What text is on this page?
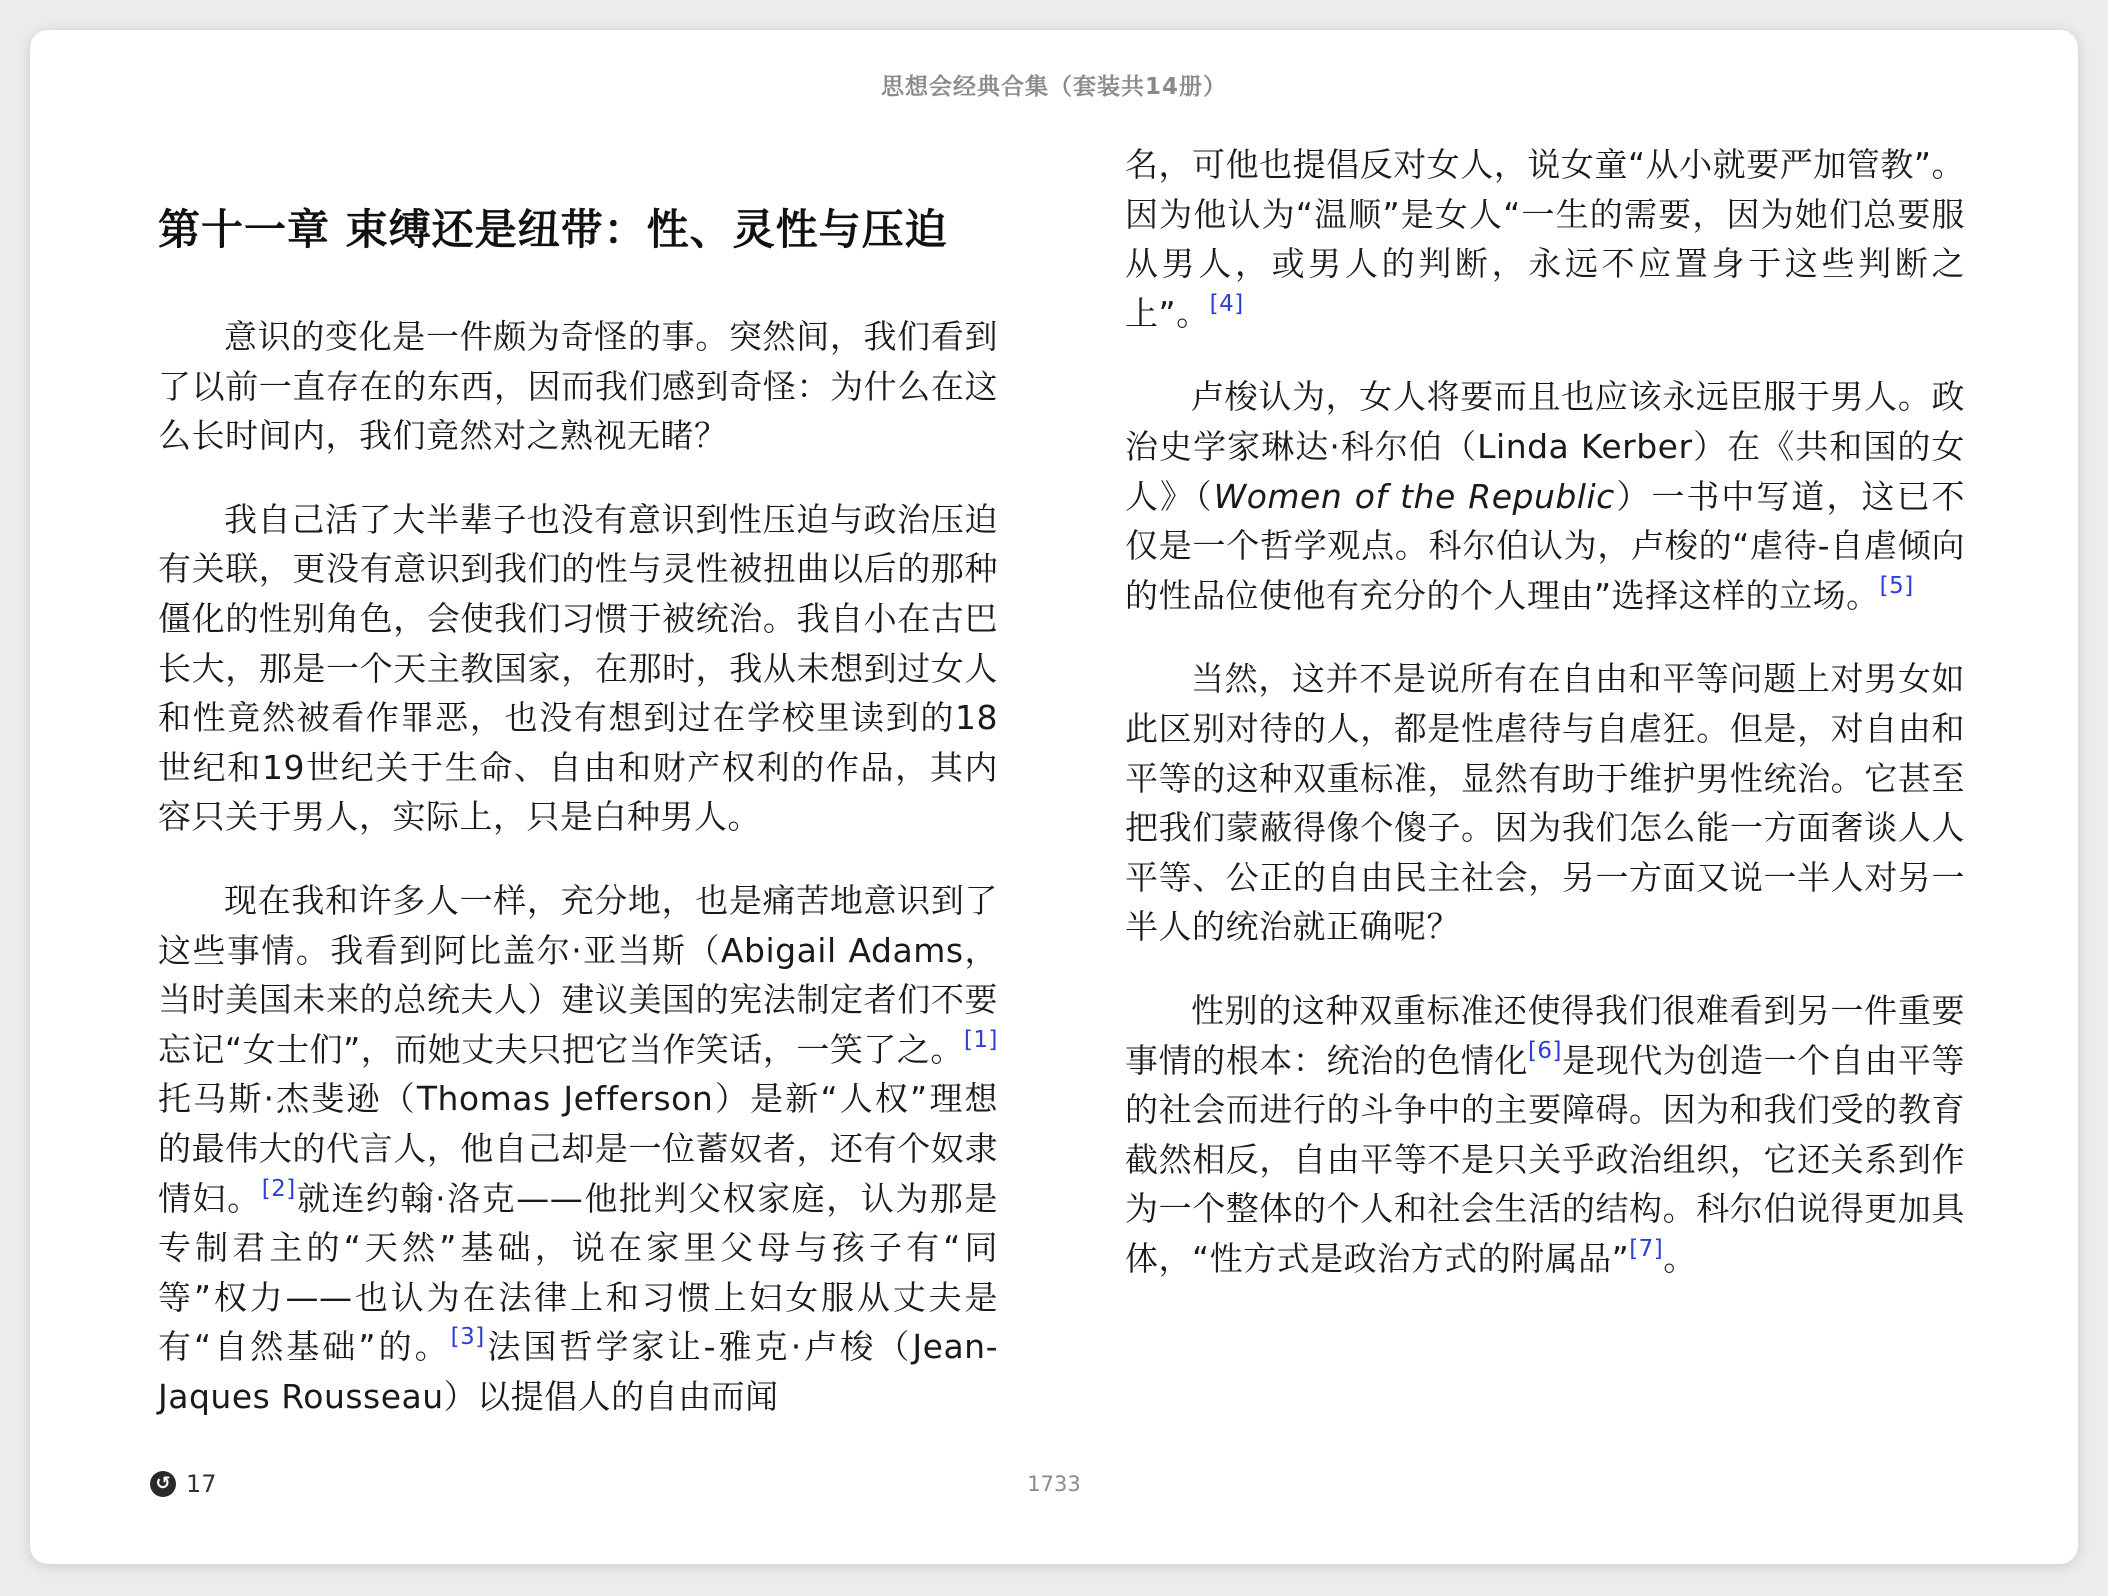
思想会经典合集（套装共14册）
第十一章 束缚还是纽带：性、灵性与压迫

意识的变化是一件颇为奇怪的事。突然间，我们看到了以前一直存在的东西，因而我们感到奇怪：为什么在这么长时间内，我们竟然对之熟视无睹？

我自己活了大半辈子也没有意识到性压迫与政治压迫有关联，更没有意识到我们的性与灵性被扭曲以后的那种僵化的性别角色，会使我们习惯于被统治。我自小在古巴长大，那是一个天主教国家，在那时，我从未想到过女人和性竟然被看作罪恶，也没有想到过在学校里读到的18世纪和19世纪关于生命、自由和财产权利的作品，其内容只关于男人，实际上，只是白种男人。

现在我和许多人一样，充分地，也是痛苦地意识到了这些事情。我看到阿比盖尔·亚当斯（Abigail Adams，当时美国未来的总统夫人）建议美国的宪法制定者们不要忘记“女士们”，而她丈夫只把它当作笑话，一笑了之。[1]托马斯·杰斐逊（Thomas Jefferson）是新“人权”理想的最伟大的代言人，他自己却是一位蓄奴者，还有个奴隶情妇。[2]就连约翰·洛克——他批判父权家庭，认为那是专制君主的“天然”基础，说在家里父母与孩子有“同等”权力——也认为在法律上和习惯上妇女服从丈夫是有“自然基础”的。[3]法国哲学家让-雅克·卢梭（Jean-Jaques Rousseau）以提倡人的自由而闻

名，可他也提倡反对女人，说女童“从小就要严加管教”。因为他认为“温顺”是女人“一生的需要，因为她们总要服从男人，或男人的判断，永远不应置身于这些判断之上”。[4]

卢梭认为，女人将要而且也应该永远臣服于男人。政治史学家琳达·科尔伯（Linda Kerber）在《共和国的女人》（Women of the Republic）一书中写道，这已不仅是一个哲学观点。科尔伯认为，卢梭的“虐待-自虐倾向的性品位使他有充分的个人理由”选择这样的立场。[5]

当然，这并不是说所有在自由和平等问题上对男女如此区别对待的人，都是性虐待与自虐狂。但是，对自由和平等的这种双重标准，显然有助于维护男性统治。它甚至把我们蒙蔽得像个傻子。因为我们怎么能一方面奢谈人人平等、公正的自由民主社会，另一方面又说一半人对另一半人的统治就正确呢？

性别的这种双重标准还使得我们很难看到另一件重要事情的根本：统治的色情化[6]是现代为创造一个自由平等的社会而进行的斗争中的主要障碍。因为和我们受的教育截然相反，自由平等不是只关乎政治组织，它还关系到作为一个整体的个人和社会生活的结构。科尔伯说得更加具体，“性方式是政治方式的附属品”[7]。

↺ 17	1733
